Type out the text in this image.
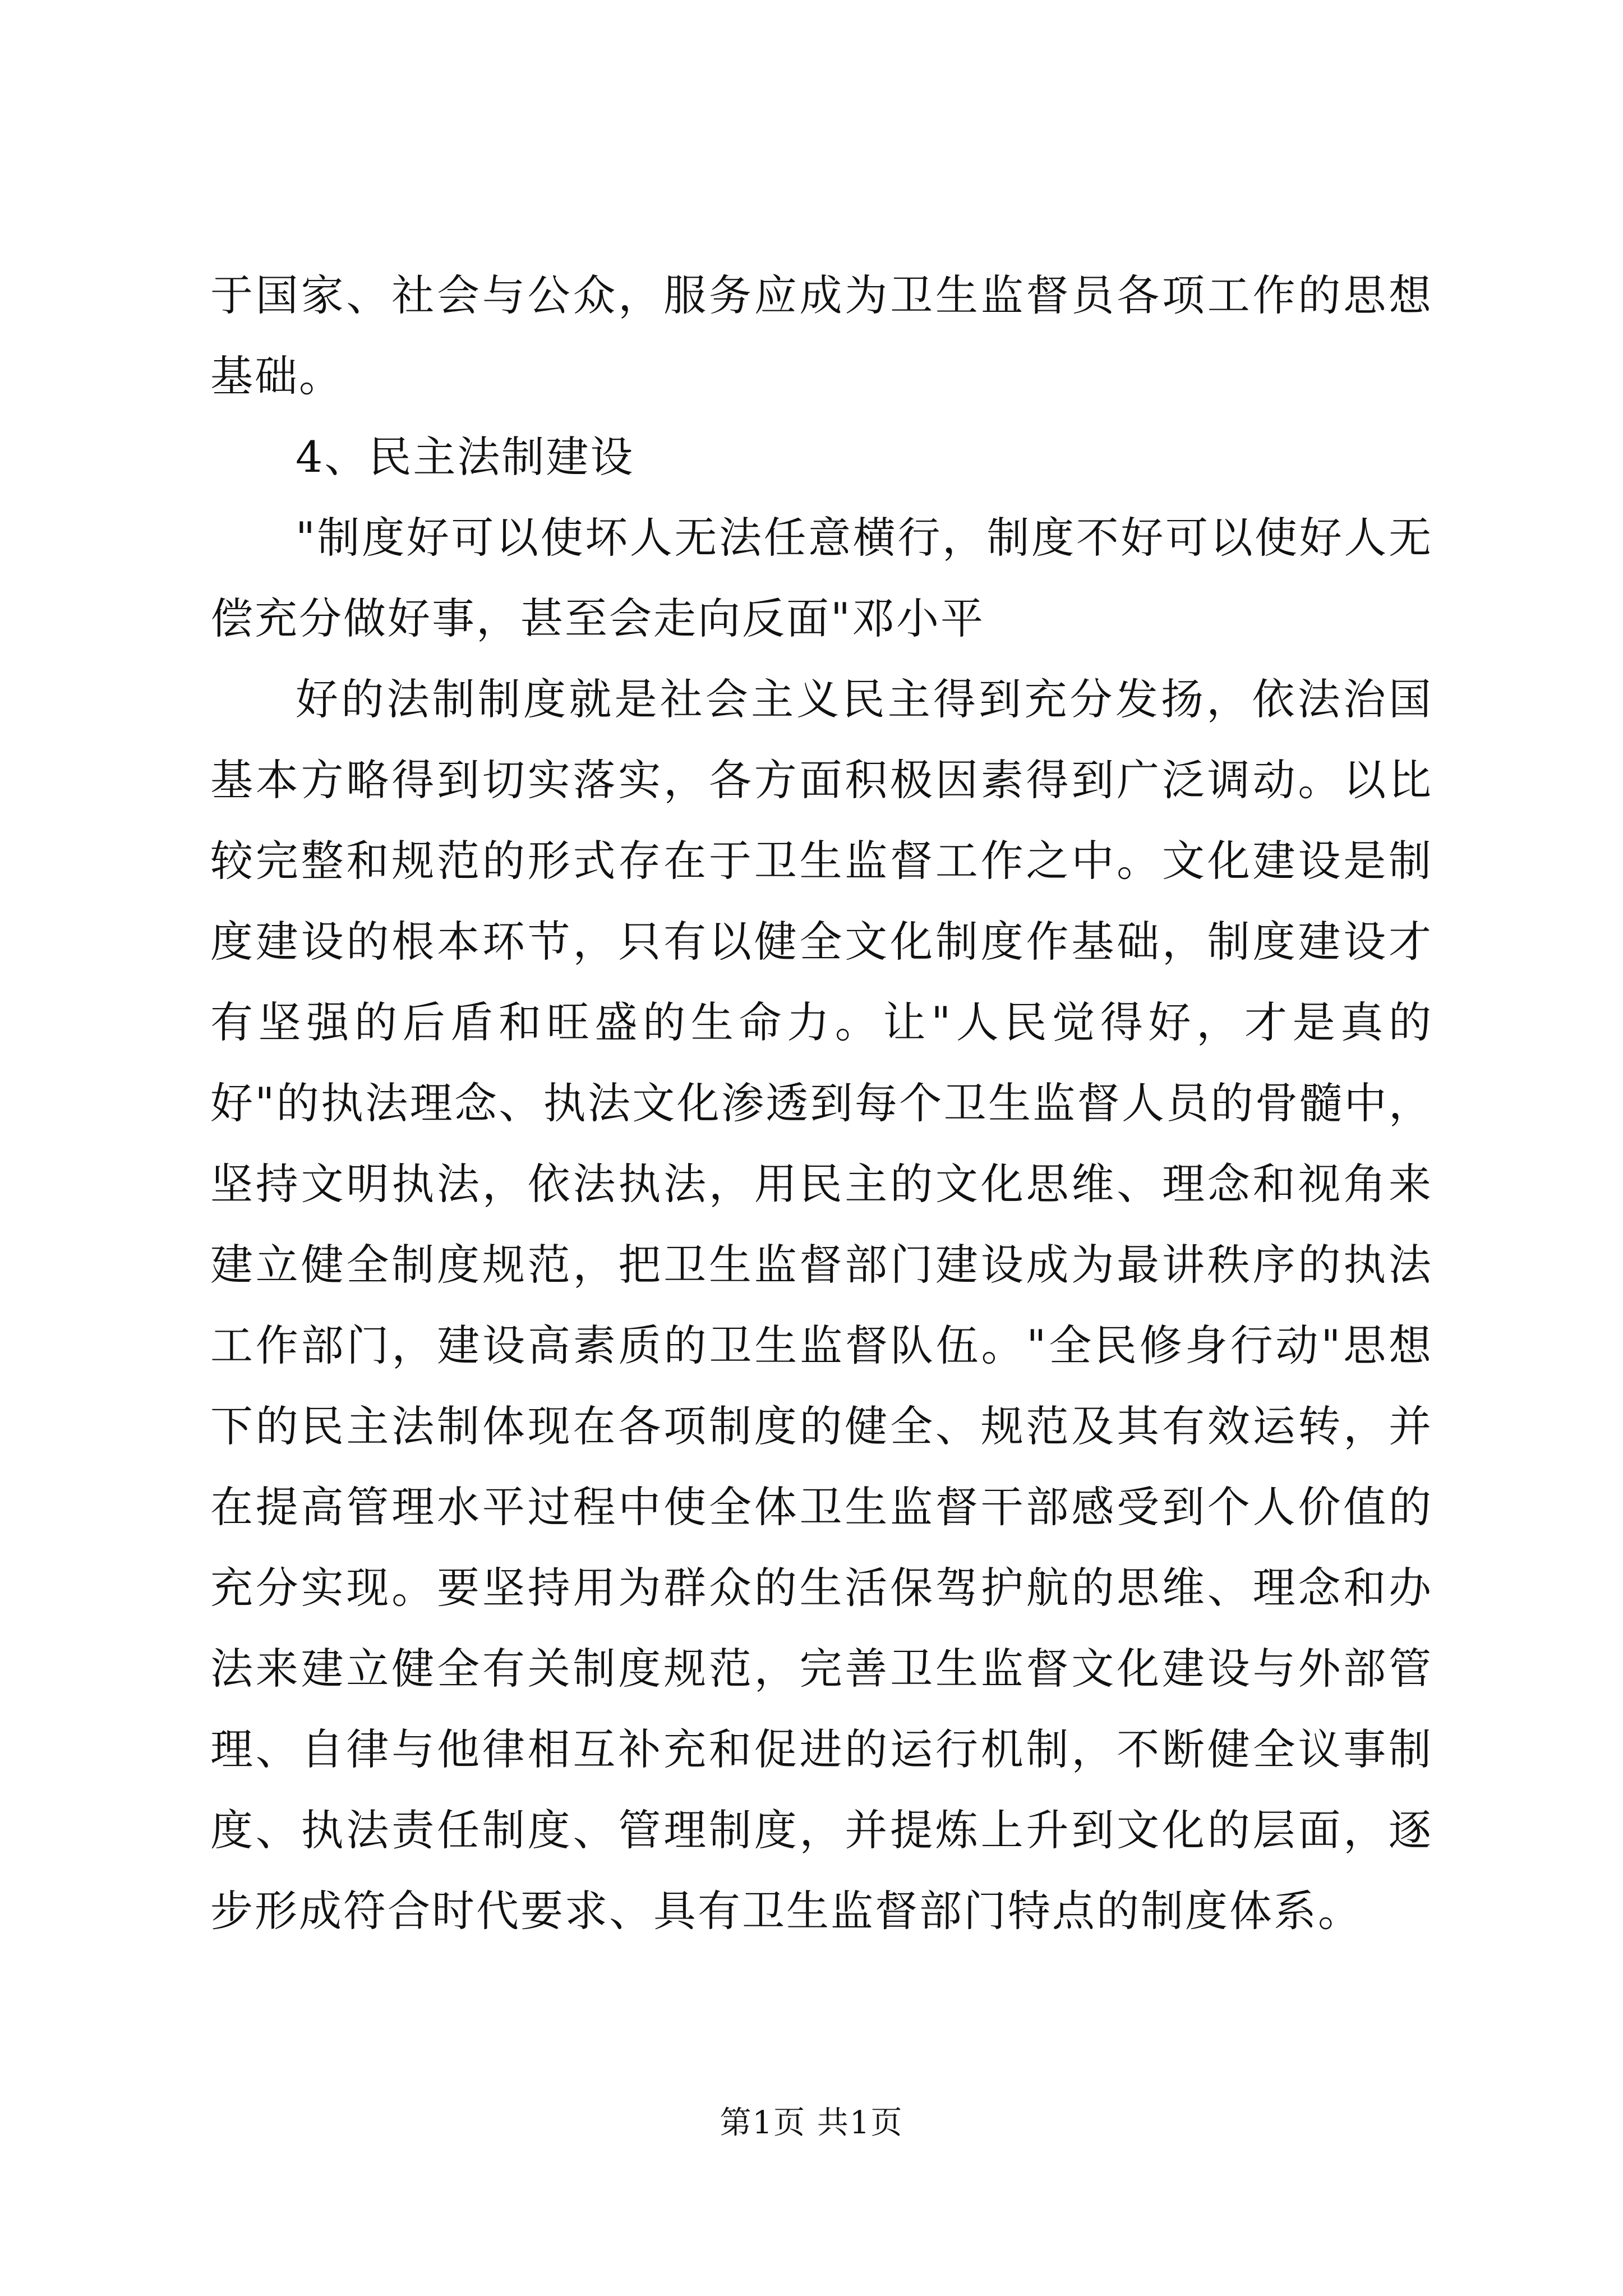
于国家、社会与公众，服务应成为卫生监督员各项工作的思想基础。

4、民主法制建设

"制度好可以使坏人无法任意横行，制度不好可以使好人无偿充分做好事，甚至会走向反面"邓小平

好的法制制度就是社会主义民主得到充分发扬，依法治国基本方略得到切实落实，各方面积极因素得到广泛调动。以比较完整和规范的形式存在于卫生监督工作之中。文化建设是制度建设的根本环节，只有以健全文化制度作基础，制度建设才有坚强的后盾和旺盛的生命力。让"人民觉得好，才是真的好"的执法理念、执法文化渗透到每个卫生监督人员的骨髓中，坚持文明执法，依法执法，用民主的文化思维、理念和视角来建立健全制度规范，把卫生监督部门建设成为最讲秩序的执法工作部门，建设高素质的卫生监督队伍。"全民修身行动"思想下的民主法制体现在各项制度的健全、规范及其有效运转，并在提高管理水平过程中使全体卫生监督干部感受到个人价值的充分实现。要坚持用为群众的生活保驾护航的思维、理念和办法来建立健全有关制度规范，完善卫生监督文化建设与外部管理、自律与他律相互补充和促进的运行机制，不断健全议事制度、执法责任制度、管理制度，并提炼上升到文化的层面，逐步形成符合时代要求、具有卫生监督部门特点的制度体系。

第1页 共1页
